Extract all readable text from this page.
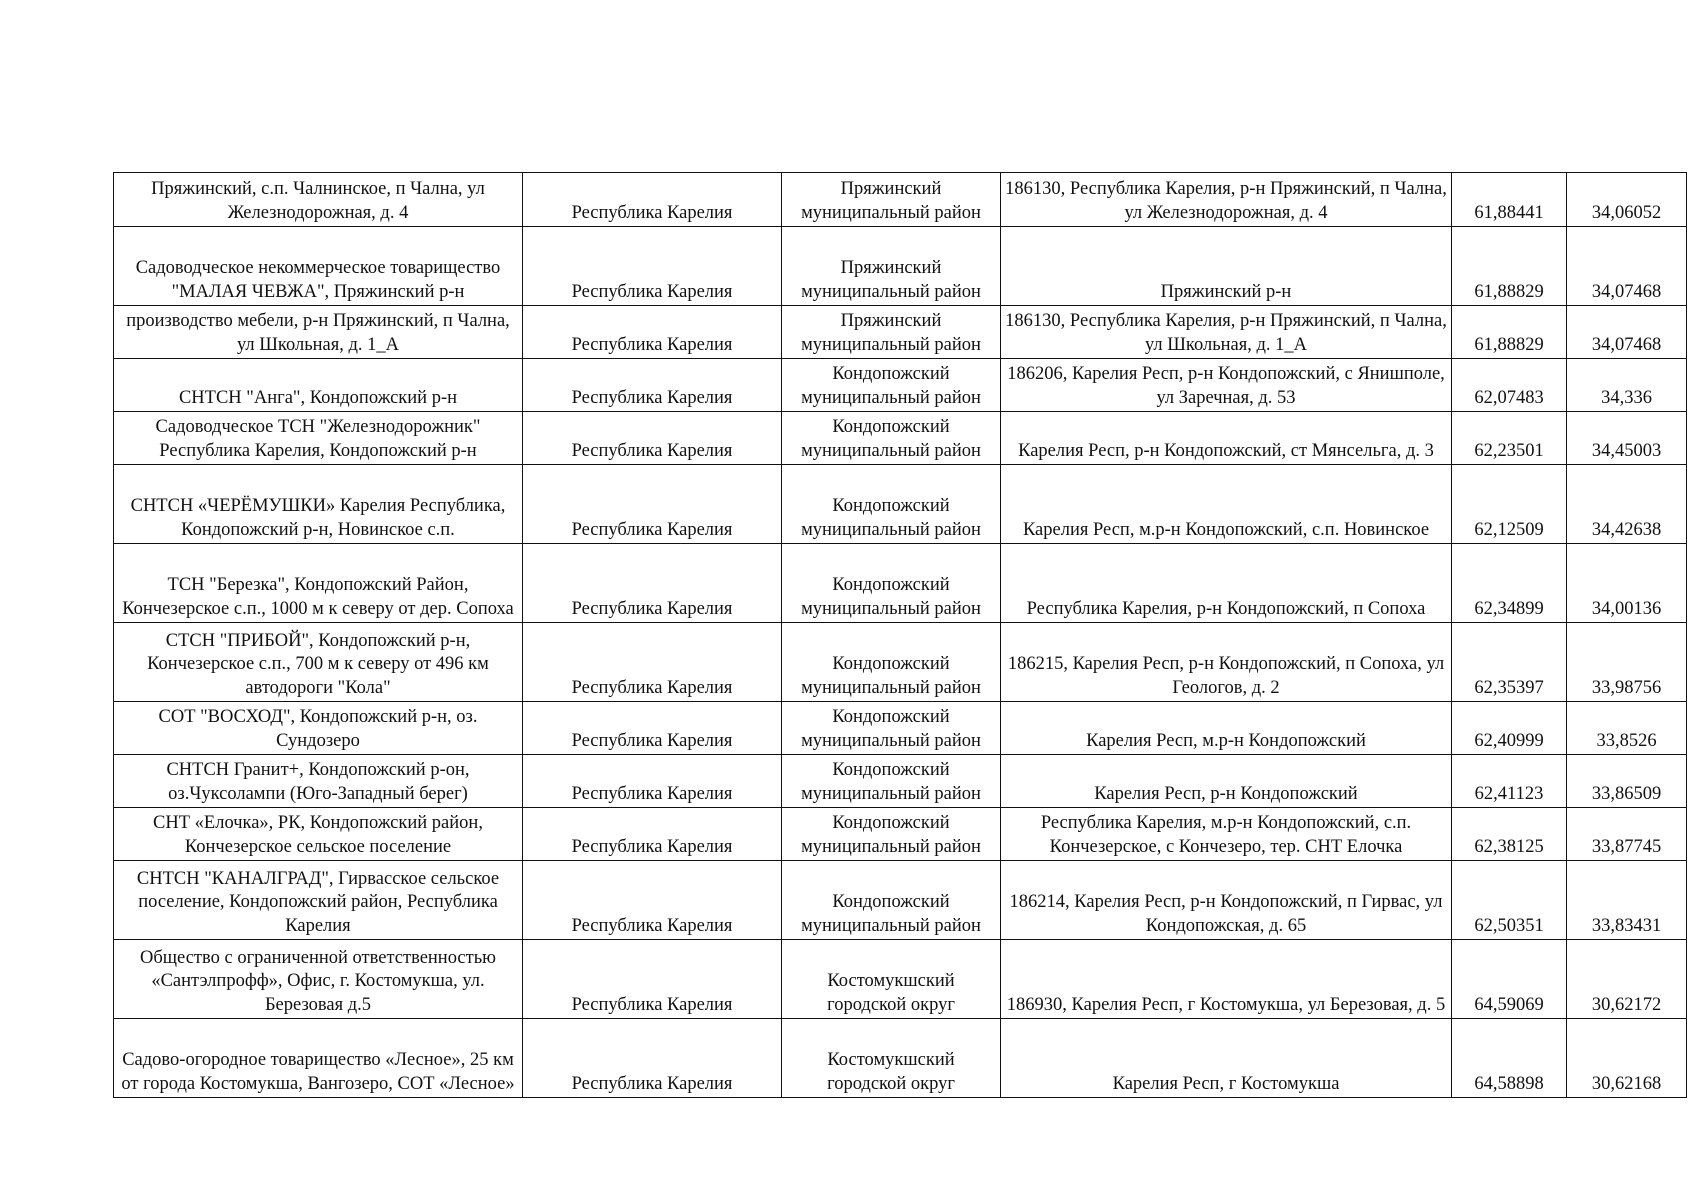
Пряжинский, с.п. Чалнинское, п Чална, ул Железнодорожная, д. 4	Республика Карелия	Пряжинский муниципальный район	186130, Республика Карелия, р-н Пряжинский, п Чална, ул Железнодорожная, д. 4	61,88441	34,06052
Садоводческое некоммерческое товарищество "МАЛАЯ ЧЕВЖА", Пряжинский р-н	Республика Карелия	Пряжинский муниципальный район	Пряжинский р-н	61,88829	34,07468
производство мебели, р-н Пряжинский, п Чална, ул Школьная, д. 1_А	Республика Карелия	Пряжинский муниципальный район	186130, Республика Карелия, р-н Пряжинский, п Чална, ул Школьная, д. 1_А	61,88829	34,07468
СНТСН "Анга", Кондопожский р-н	Республика Карелия	Кондопожский муниципальный район	186206, Карелия Респ, р-н Кондопожский, с Янишполе, ул Заречная, д. 53	62,07483	34,336
Садоводческое ТСН "Железнодорожник" Республика Карелия, Кондопожский р-н	Республика Карелия	Кондопожский муниципальный район	Карелия Респ, р-н Кондопожский, ст Мянсельга, д. 3	62,23501	34,45003
СНТСН «ЧЕРЁМУШКИ» Карелия Республика, Кондопожский р-н, Новинское с.п.	Республика Карелия	Кондопожский муниципальный район	Карелия Респ, м.р-н Кондопожский, с.п. Новинское	62,12509	34,42638
ТСН "Березка", Кондопожский Район, Кончезерское с.п., 1000 м к северу от дер. Сопоха	Республика Карелия	Кондопожский муниципальный район	Республика Карелия, р-н Кондопожский, п Сопоха	62,34899	34,00136
СТСН "ПРИБОЙ", Кондопожский р-н, Кончезерское с.п., 700 м к северу от 496 км автодороги "Кола"	Республика Карелия	Кондопожский муниципальный район	186215, Карелия Респ, р-н Кондопожский, п Сопоха, ул Геологов, д. 2	62,35397	33,98756
СОТ "ВОСХОД", Кондопожский р-н, оз. Сундозеро	Республика Карелия	Кондопожский муниципальный район	Карелия Респ, м.р-н Кондопожский	62,40999	33,8526
СНТСН Гранит+, Кондопожский р-он, оз.Чуксолампи (Юго-Западный берег)	Республика Карелия	Кондопожский муниципальный район	Карелия Респ, р-н Кондопожский	62,41123	33,86509
СНТ «Елочка», РК, Кондопожский район, Кончезерское сельское поселение	Республика Карелия	Кондопожский муниципальный район	Республика Карелия, м.р-н Кондопожский, с.п. Кончезерское, с Кончезеро, тер. СНТ Елочка	62,38125	33,87745
СНТСН "КАНАЛГРАД", Гирвасское сельское поселение, Кондопожский район, Республика Карелия	Республика Карелия	Кондопожский муниципальный район	186214, Карелия Респ, р-н Кондопожский, п Гирвас, ул Кондопожская, д. 65	62,50351	33,83431
Общество с ограниченной ответственностью «Сантэлпрофф», Офис, г. Костомукша, ул. Березовая д.5	Республика Карелия	Костомукшский городской округ	186930, Карелия Респ, г Костомукша, ул Березовая, д. 5	64,59069	30,62172
Садово-огородное товарищество «Лесное», 25 км от города Костомукша, Вангозеро, СОТ «Лесное»	Республика Карелия	Костомукшский городской округ	Карелия Респ, г Костомукша	64,58898	30,62168
